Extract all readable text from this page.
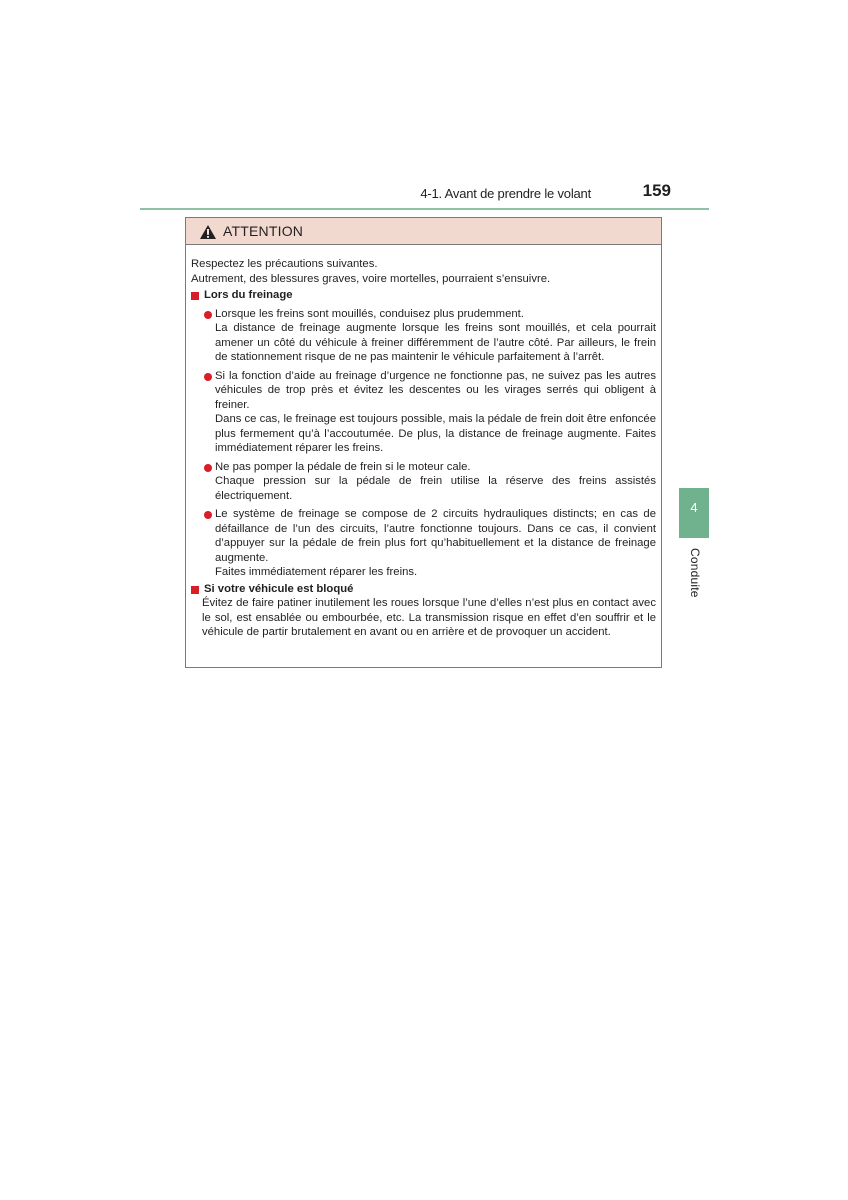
4-1. Avant de prendre le volant	159
4
Conduite
ATTENTION

Respectez les précautions suivantes.

Autrement, des blessures graves, voire mortelles, pourraient s’ensuivre.

Lors du freinage
Lorsque les freins sont mouillés, conduisez plus prudemment.
La distance de freinage augmente lorsque les freins sont mouillés, et cela pourrait amener un côté du véhicule à freiner différemment de l’autre côté. Par ailleurs, le frein de stationnement risque de ne pas maintenir le véhicule parfaitement à l’arrêt.
Si la fonction d’aide au freinage d’urgence ne fonctionne pas, ne suivez pas les autres véhicules de trop près et évitez les descentes ou les virages serrés qui obligent à freiner.
Dans ce cas, le freinage est toujours possible, mais la pédale de frein doit être enfoncée plus fermement qu’à l’accoutumée. De plus, la distance de freinage augmente. Faites immédiatement réparer les freins.
Ne pas pomper la pédale de frein si le moteur cale.
Chaque pression sur la pédale de frein utilise la réserve des freins assistés électriquement.
Le système de freinage se compose de 2 circuits hydrauliques distincts; en cas de défaillance de l’un des circuits, l’autre fonctionne toujours. Dans ce cas, il convient d’appuyer sur la pédale de frein plus fort qu’habituellement et la distance de freinage augmente.
Faites immédiatement réparer les freins.
Si votre véhicule est bloqué

Évitez de faire patiner inutilement les roues lorsque l’une d’elles n’est plus en contact avec le sol, est ensablée ou embourbée, etc. La transmission risque en effet d’en souffrir et le véhicule de partir brutalement en avant ou en arrière et de provoquer un accident.
